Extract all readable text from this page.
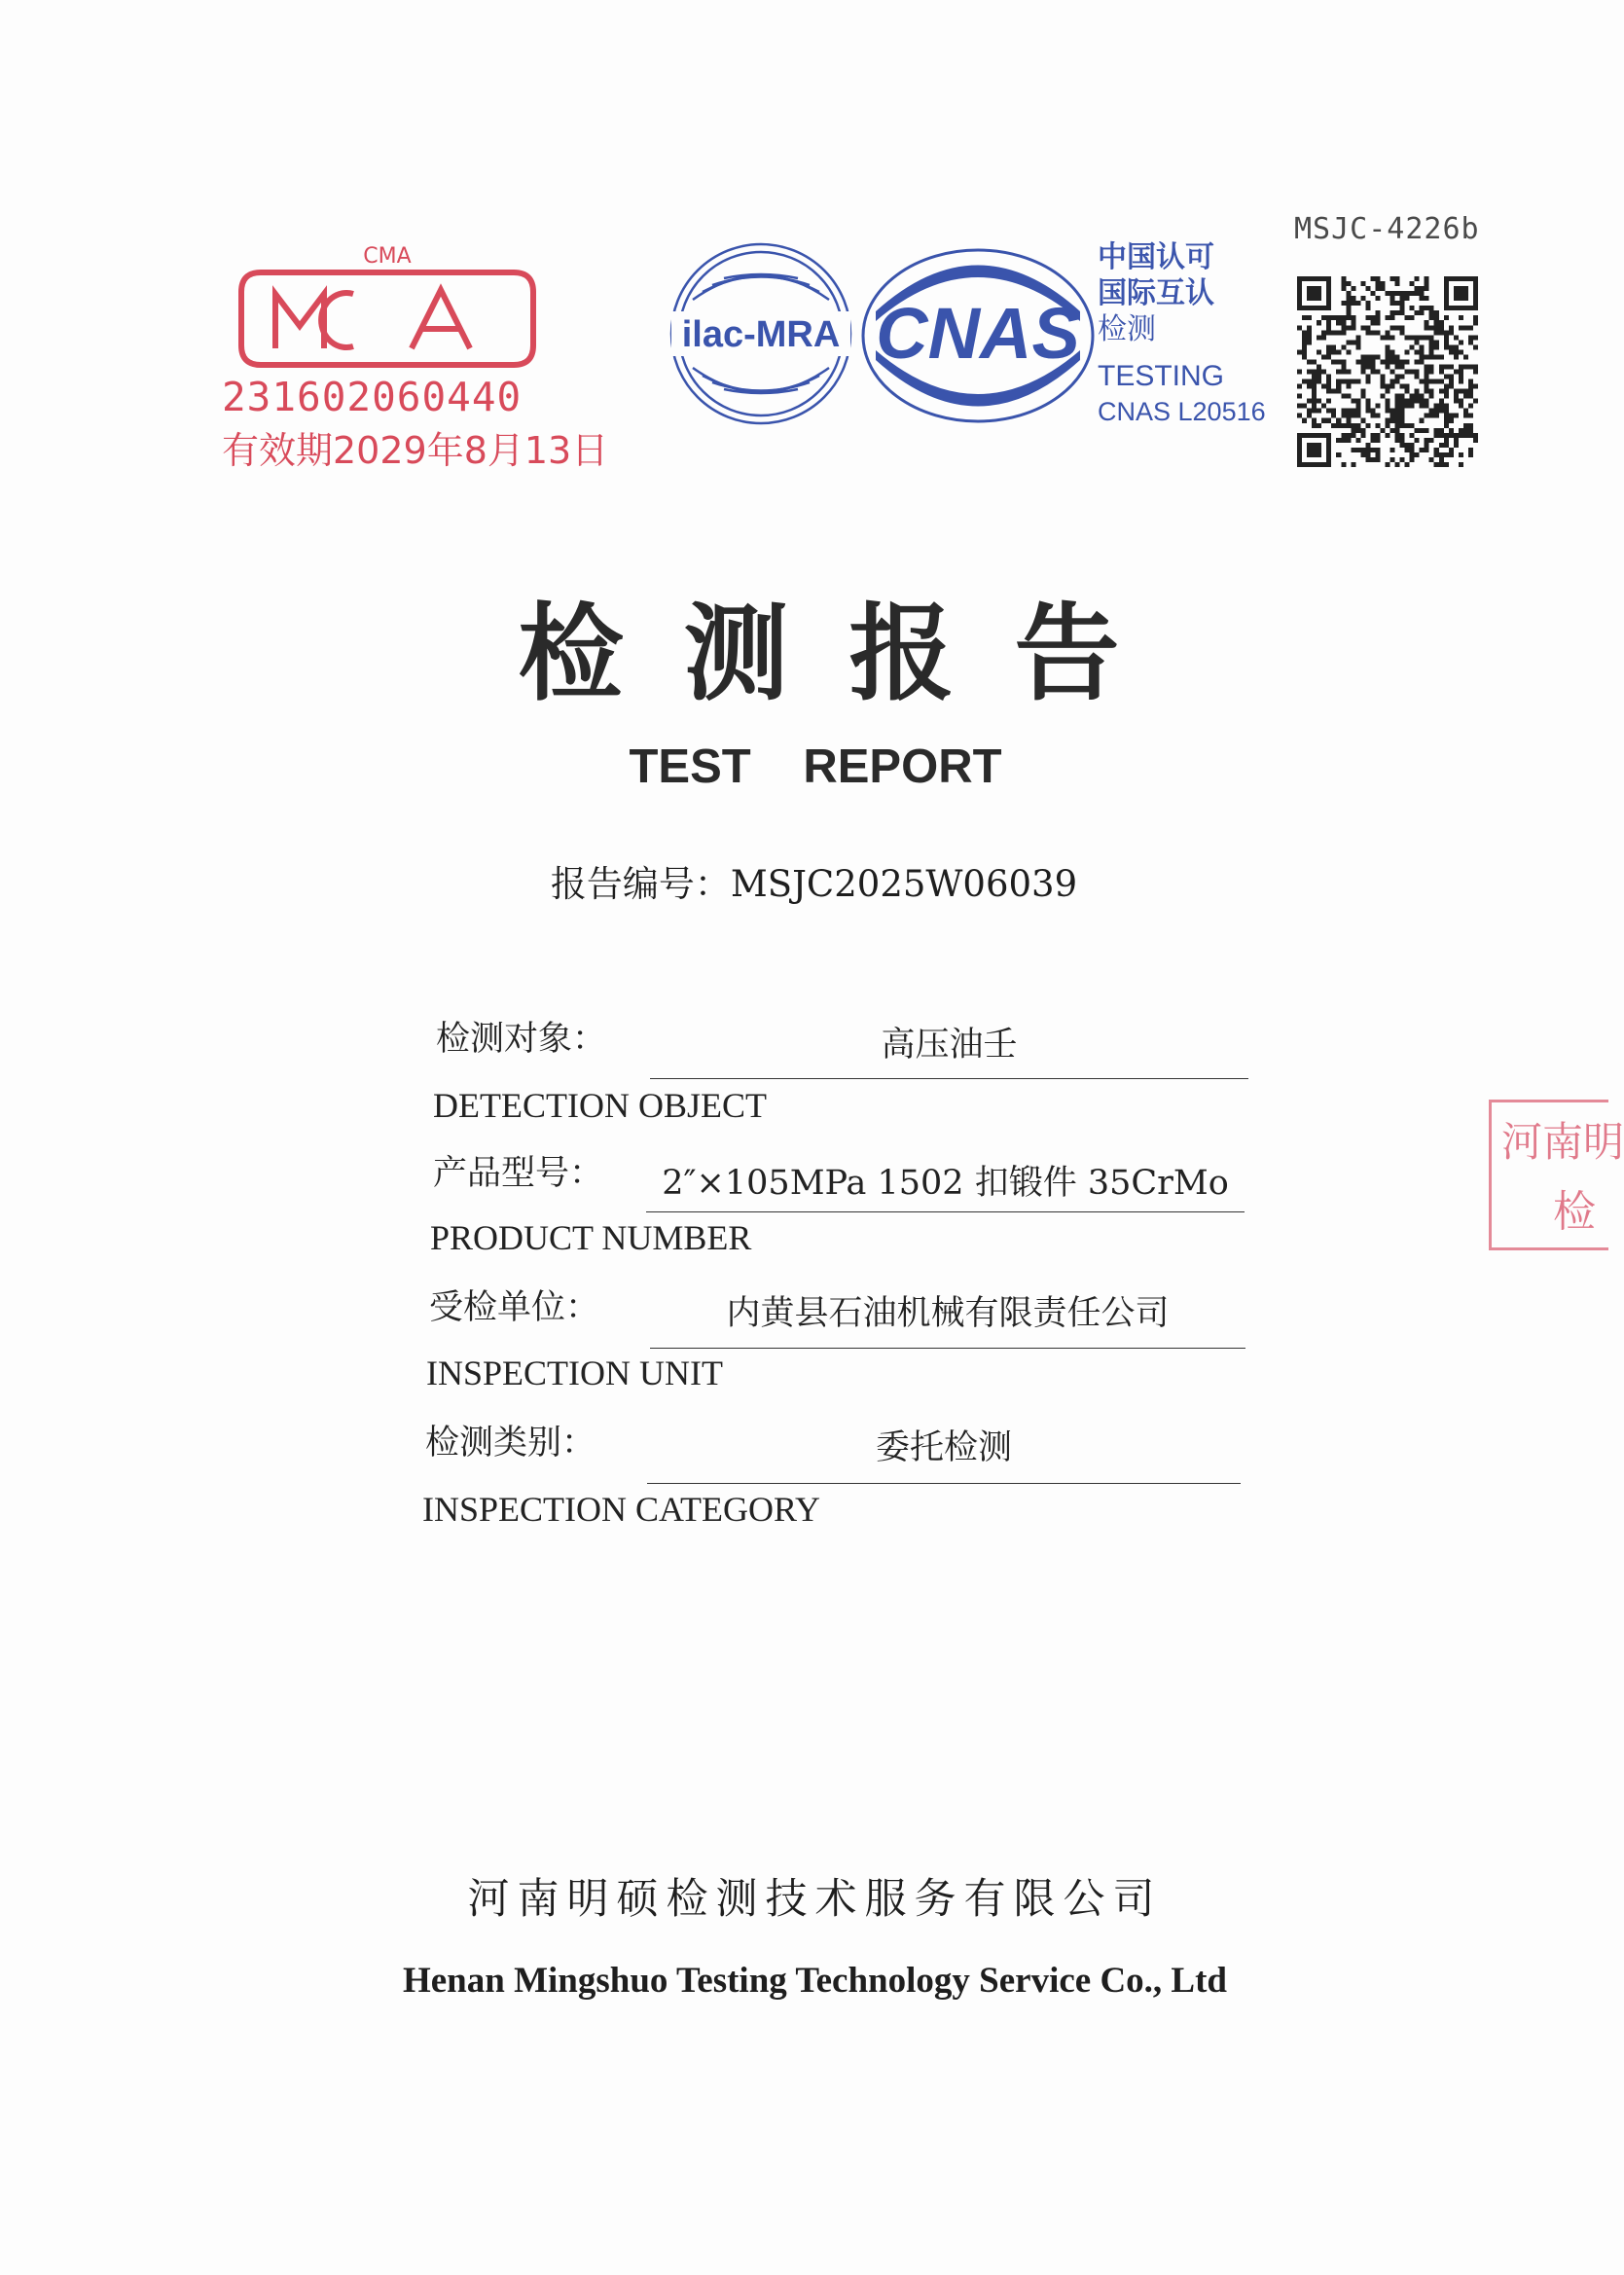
CMA
231602060440
有效期2029年8月13日
ilac-MRA CNAS
中国认可
国际互认
检测
TESTING
CNAS L20516
MSJC-4226b
检测报告
TEST REPORT
报告编号：MSJC2025W06039
检测对象：	高压油壬
DETECTION OBJECT
产品型号：	2″×105MPa 1502 扣锻件 35CrMo
PRODUCT NUMBER
受检单位：	内黄县石油机械有限责任公司
INSPECTION UNIT
检测类别：	委托检测
INSPECTION CATEGORY
河南明硕检测技术服务有限公司
Henan Mingshuo Testing Technology Service Co., Ltd
河南明
检
